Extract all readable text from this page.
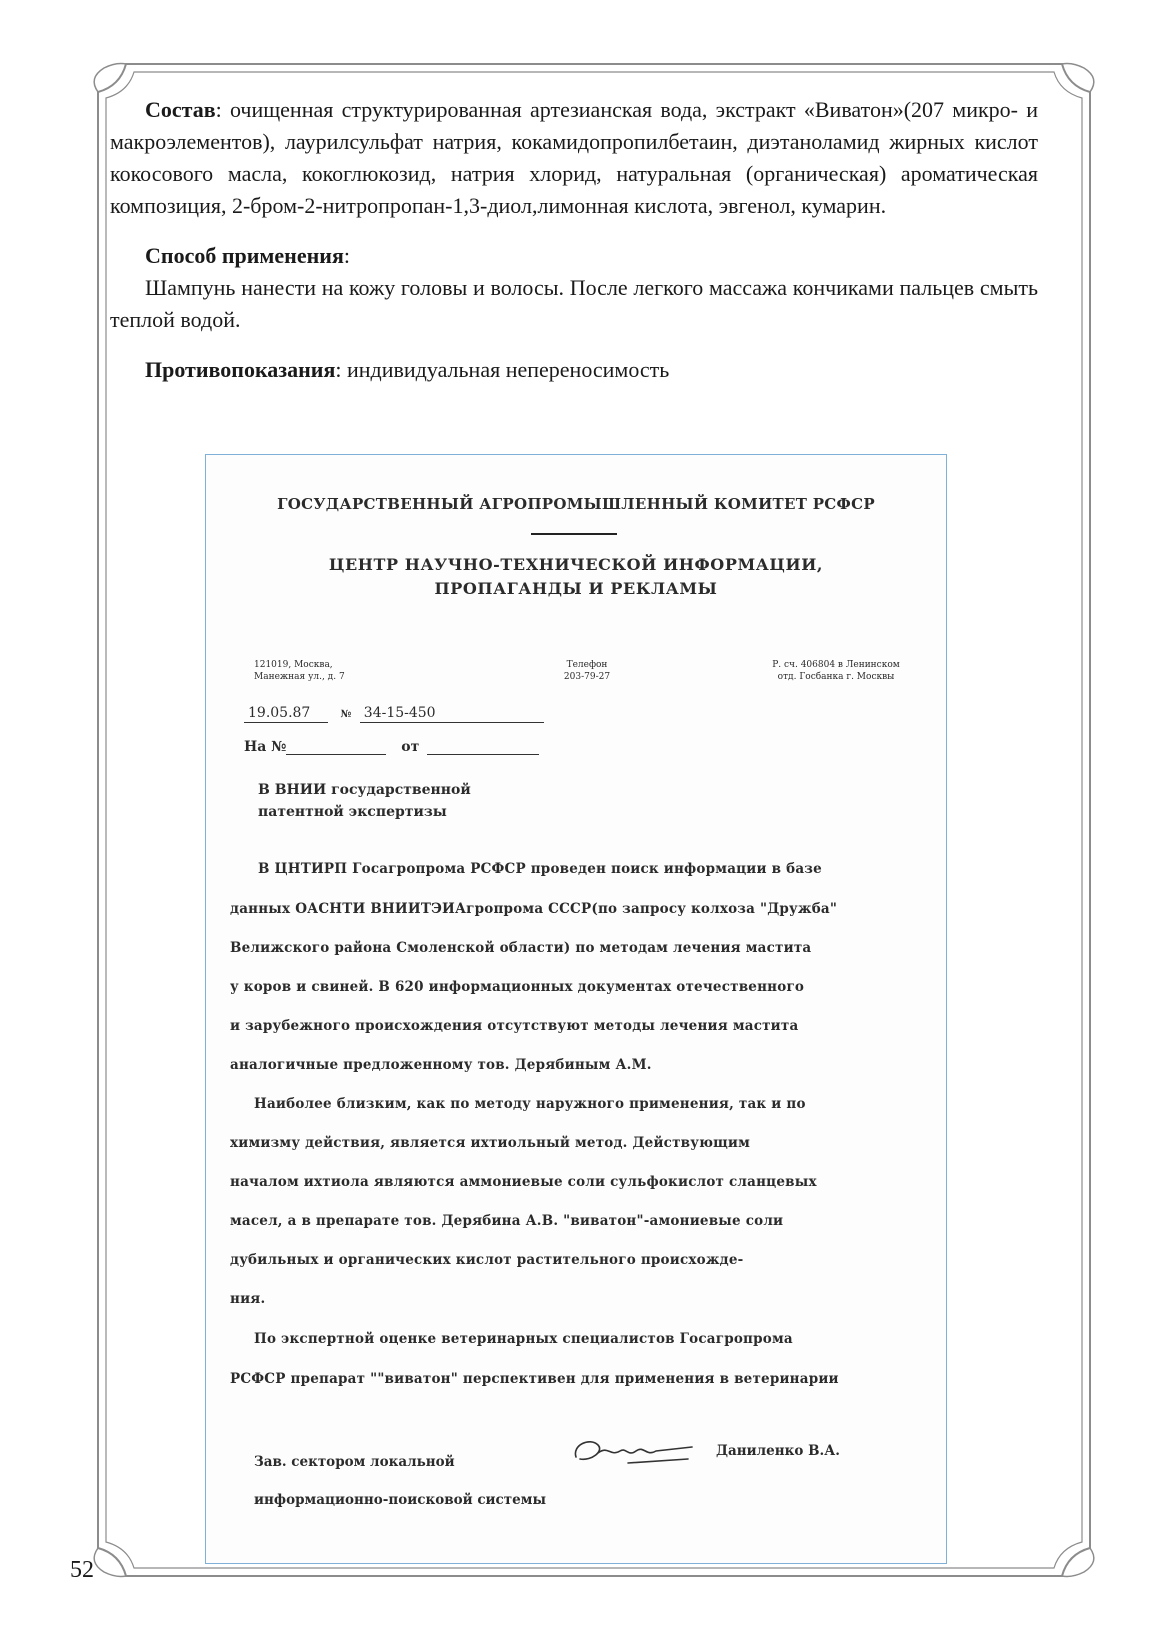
Состав: очищенная структурированная артезианская вода, экстракт «Виватон»(207 микро- и макроэлементов), лаурилсульфат натрия, кокамидопропилбетаин, диэтаноламид жирных кислот кокосового масла, кокоглюкозид, натрия хлорид, натуральная (органическая) ароматическая композиция, 2-бром-2-нитропропан-1,3-диол,лимонная кислота, эвгенол, кумарин.

Способ применения:

Шампунь нанести на кожу головы и волосы. После легкого массажа кончиками пальцев смыть теплой водой.

Противопоказания: индивидуальная непереносимость

ГОСУДАРСТВЕННЫЙ АГРОПРОМЫШЛЕННЫЙ КОМИТЕТ РСФСР
ЦЕНТР НАУЧНО-ТЕХНИЧЕСКОЙ ИНФОРМАЦИИ,
ПРОПАГАНДЫ И РЕКЛАМЫ
121019, Москва,
Манежная ул., д. 7
Телефон
203-79-27
Р. сч. 406804 в Ленинском
отд. Госбанка г. Москвы
19.05.87	№ 34-15-450
На №	от
В ВНИИ государственной
патентной экспертизы
В ЦНТИРП Госагропрома РСФСР проведен поиск информации в базе
данных ОАСНТИ ВНИИТЭИАгропрома СССР(по запросу колхоза "Дружба"
Велижского района Смоленской области) по методам лечения мастита
у коров и свиней. В 620 информационных документах отечественного
и зарубежного происхождения отсутствуют методы лечения мастита
аналогичные предложенному тов. Дерябиным А.М.
Наиболее близким, как по методу наружного применения, так и по
химизму действия, является ихтиольный метод. Действующим
началом ихтиола являются аммониевые соли сульфокислот сланцевых
масел, а в препарате тов. Дерябина А.В. "виватон"-амониевые соли
дубильных и органических кислот растительного происхожде-
ния.
По экспертной оценке ветеринарных специалистов Госагропрома
РСФСР препарат ""виватон" перспективен для применения в ветеринарии
Зав. сектором локальной
информационно-поисковой системы
Даниленко В.А.
52
